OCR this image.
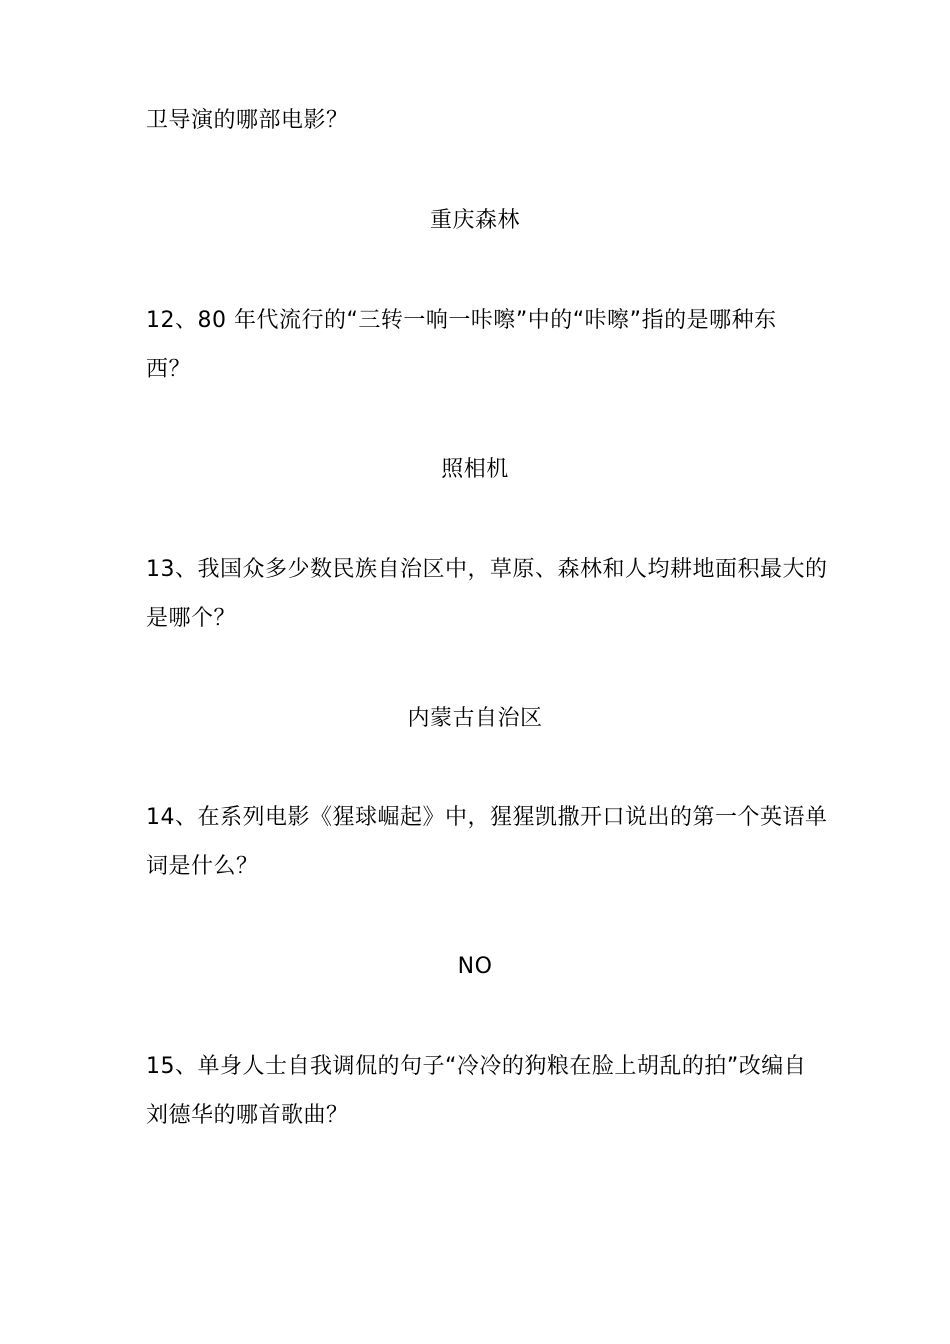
卫导演的哪部电影？
重庆森林
12、80 年代流行的“三转一响一咔嚓”中的“咔嚓”指的是哪种东
西？
照相机
13、我国众多少数民族自治区中，草原、森林和人均耕地面积最大的
是哪个？
内蒙古自治区
14、在系列电影《猩球崛起》中，猩猩凯撒开口说出的第一个英语单
词是什么？
NO
15、单身人士自我调侃的句子“冷冷的狗粮在脸上胡乱的拍”改编自
刘德华的哪首歌曲？
